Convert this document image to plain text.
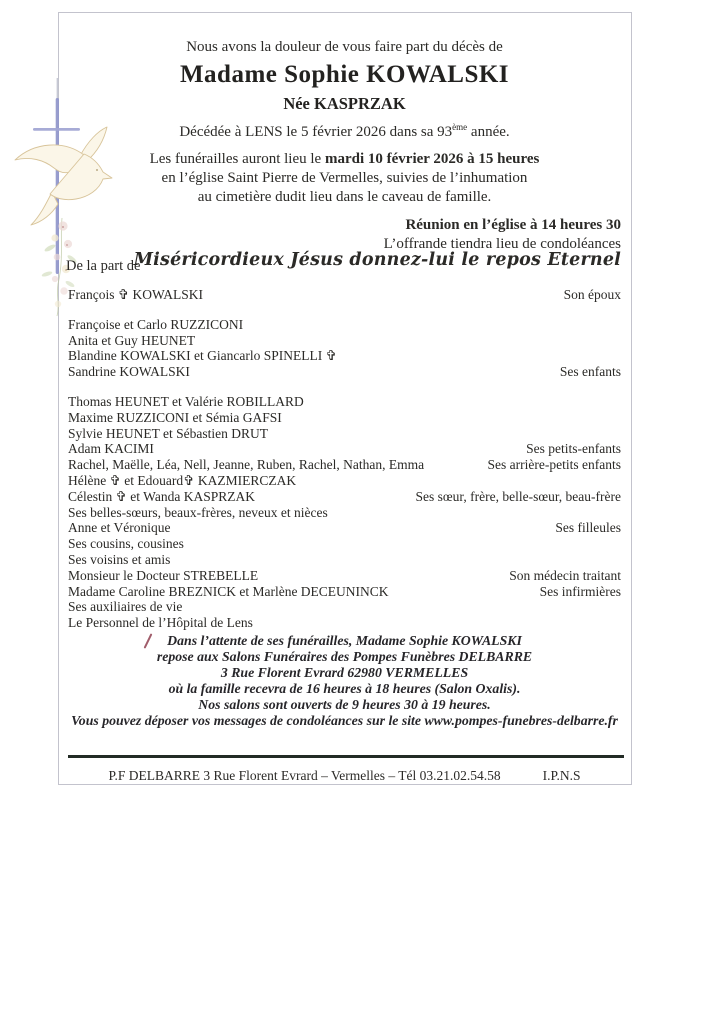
Nous avons la douleur de vous faire part du décès de
Madame Sophie KOWALSKI
Née KASPRZAK
Décédée à LENS le 5 février 2026 dans sa 93ème année.
Les funérailles auront lieu le mardi 10 février 2026 à 15 heures
en l’église Saint Pierre de Vermelles, suivies de l’inhumation
au cimetière dudit lieu dans le caveau de famille.
Réunion en l’église à 14 heures 30
L’offrande tiendra lieu de condoléances
Miséricordieux Jésus donnez-lui le repos Eternel
De la part de
François ✞ KOWALSKI	Son époux
Françoise et Carlo RUZZICONI
Anita et Guy HEUNET
Blandine KOWALSKI et Giancarlo SPINELLI ✞
Sandrine KOWALSKI	Ses enfants
Thomas HEUNET et Valérie ROBILLARD
Maxime RUZZICONI et Sémia GAFSI
Sylvie HEUNET et Sébastien DRUT
Adam KACIMI	Ses petits-enfants
Rachel, Maëlle, Léa, Nell, Jeanne, Ruben, Rachel, Nathan, Emma	Ses arrière-petits enfants
Hélène ✞ et Edouard✞ KAZMIERCZAK
Célestin ✞ et Wanda KASPRZAK	Ses sœur, frère, belle-sœur, beau-frère
Ses belles-sœurs, beaux-frères, neveux et nièces
Anne et Véronique	Ses filleules
Ses cousins, cousines
Ses voisins et amis
Monsieur le Docteur STREBELLE	Son médecin traitant
Madame Caroline BREZNICK et Marlène DECEUNINCK	Ses infirmières
Ses auxiliaires de vie
Le Personnel de l’Hôpital de Lens
Dans l’attente de ses funérailles, Madame Sophie KOWALSKI
repose aux Salons Funéraires des Pompes Funèbres DELBARRE
3 Rue Florent Evrard 62980 VERMELLES
où la famille recevra de 16 heures à 18 heures (Salon Oxalis).
Nos salons sont ouverts de 9 heures 30 à 19 heures.
Vous pouvez déposer vos messages de condoléances sur le site www.pompes-funebres-delbarre.fr
P.F DELBARRE 3 Rue Florent Evrard – Vermelles – Tél 03.21.02.54.58	I.P.N.S
